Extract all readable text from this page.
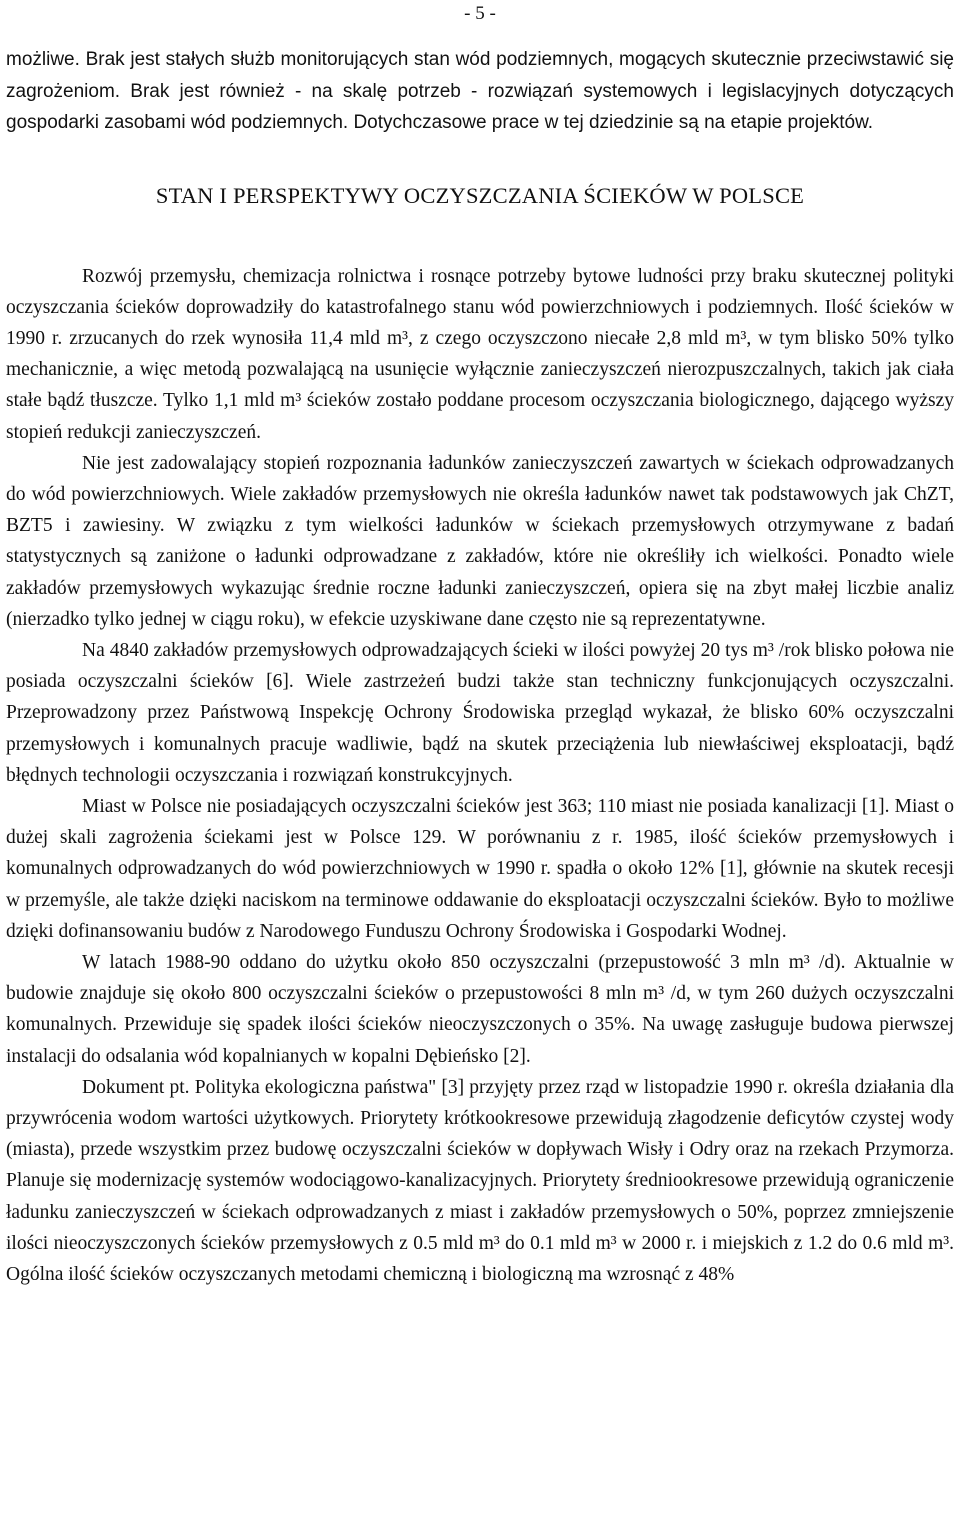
- 5 -

możliwe. Brak jest stałych służb monitorujących stan wód podziemnych, mogących skutecznie przeciwstawić się zagrożeniom. Brak jest również - na skalę potrzeb - rozwiązań systemowych i legislacyjnych dotyczących gospodarki zasobami wód podziemnych. Dotychczasowe prace w tej dziedzinie są na etapie projektów.

STAN I PERSPEKTYWY OCZYSZCZANIA ŚCIEKÓW W POLSCE

Rozwój przemysłu, chemizacja rolnictwa i rosnące potrzeby bytowe ludności przy braku skutecznej polityki oczyszczania ścieków doprowadziły do katastrofalnego stanu wód powierzchniowych i podziemnych. Ilość ścieków w 1990 r. zrzucanych do rzek wynosiła 11,4 mld m³, z czego oczyszczono niecałe 2,8 mld m³, w tym blisko 50% tylko mechanicznie, a więc metodą pozwalającą na usunięcie wyłącznie zanieczyszczeń nierozpuszczalnych, takich jak ciała stałe bądź tłuszcze. Tylko 1,1 mld m³ ścieków zostało poddane procesom oczyszczania biologicznego, dającego wyższy stopień redukcji zanieczyszczeń.

Nie jest zadowalający stopień rozpoznania ładunków zanieczyszczeń zawartych w ściekach odprowadzanych do wód powierzchniowych. Wiele zakładów przemysłowych nie określa ładunków nawet tak podstawowych jak ChZT, BZT5 i zawiesiny. W związku z tym wielkości ładunków w ściekach przemysłowych otrzymywane z badań statystycznych są zaniżone o ładunki odprowadzane z zakładów, które nie określiły ich wielkości. Ponadto wiele zakładów przemysłowych wykazując średnie roczne ładunki zanieczyszczeń, opiera się na zbyt małej liczbie analiz (nierzadko tylko jednej w ciągu roku), w efekcie uzyskiwane dane często nie są reprezentatywne.

Na 4840 zakładów przemysłowych odprowadzających ścieki w ilości powyżej 20 tys m³ /rok blisko połowa nie posiada oczyszczalni ścieków [6]. Wiele zastrzeżeń budzi także stan techniczny funkcjonujących oczyszczalni. Przeprowadzony przez Państwową Inspekcję Ochrony Środowiska przegląd wykazał, że blisko 60% oczyszczalni przemysłowych i komunalnych pracuje wadliwie, bądź na skutek przeciążenia lub niewłaściwej eksploatacji, bądź błędnych technologii oczyszczania i rozwiązań konstrukcyjnych.

Miast w Polsce nie posiadających oczyszczalni ścieków jest 363; 110 miast nie posiada kanalizacji [1]. Miast o dużej skali zagrożenia ściekami jest w Polsce 129. W porównaniu z r. 1985, ilość ścieków przemysłowych i komunalnych odprowadzanych do wód powierzchniowych w 1990 r. spadła o około 12% [1], głównie na skutek recesji w przemyśle, ale także dzięki naciskom na terminowe oddawanie do eksploatacji oczyszczalni ścieków. Było to możliwe dzięki dofinansowaniu budów z Narodowego Funduszu Ochrony Środowiska i Gospodarki Wodnej.

W latach 1988-90 oddano do użytku około 850 oczyszczalni (przepustowość 3 mln m³ /d). Aktualnie w budowie znajduje się około 800 oczyszczalni ścieków o przepustowości 8 mln m³ /d, w tym 260 dużych oczyszczalni komunalnych. Przewiduje się spadek ilości ścieków nieoczyszczonych o 35%. Na uwagę zasługuje budowa pierwszej instalacji do odsalania wód kopalnianych w kopalni Dębieńsko [2].

Dokument pt. Polityka ekologiczna państwa" [3] przyjęty przez rząd w listopadzie 1990 r. określa działania dla przywrócenia wodom wartości użytkowych. Priorytety krótkookresowe przewidują złagodzenie deficytów czystej wody (miasta), przede wszystkim przez budowę oczyszczalni ścieków w dopływach Wisły i Odry oraz na rzekach Przymorza. Planuje się modernizację systemów wodociągowo-kanalizacyjnych. Priorytety średniookresowe przewidują ograniczenie ładunku zanieczyszczeń w ściekach odprowadzanych z miast i zakładów przemysłowych o 50%, poprzez zmniejszenie ilości nieoczyszczonych ścieków przemysłowych z 0.5 mld m³ do 0.1 mld m³ w 2000 r. i miejskich z 1.2 do 0.6 mld m³. Ogólna ilość ścieków oczyszczanych metodami chemiczną i biologiczną ma wzrosnąć z 48%
